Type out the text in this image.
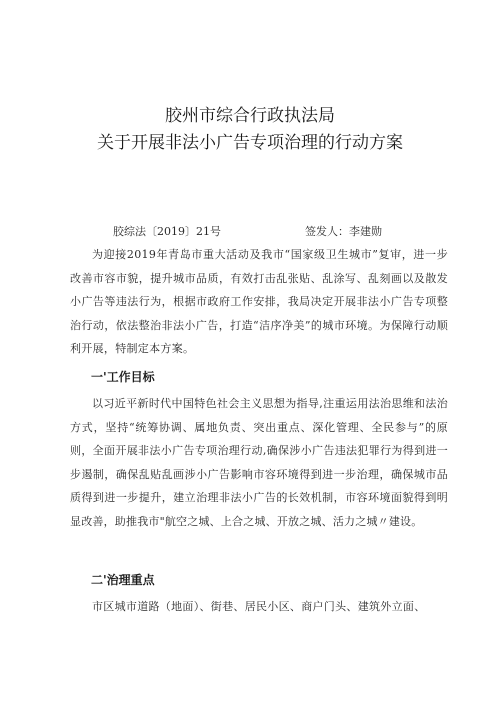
胶州市综合行政执法局
关于开展非法小广告专项治理的行动方案
胶综法〔2019〕21号	签发人：李建勋
为迎接2019年青岛市重大活动及我市“国家级卫生城市”复审，进一步改善市容市貌，提升城市品质，有效打击乱张贴、乱涂写、乱刻画以及散发小广告等违法行为，根据市政府工作安排，我局决定开展非法小广告专项整治行动，依法整治非法小广告，打造“洁序净美”的城市环境。为保障行动顺利开展，特制定本方案。
一'工作目标
以习近平新时代中国特色社会主义思想为指导,注重运用法治思维和法治方式，坚持“统筹协调、属地负责、突出重点、深化管理、全民参与”的原则，全面开展非法小广告专项治理行动,确保涉小广告违法犯罪行为得到进一步遏制，确保乱贴乱画涉小广告影响市容环境得到进一步治理，确保城市品质得到进一步提升，建立治理非法小广告的长效机制，市容环境面貌得到明显改善，助推我市"航空之城、上合之城、开放之城、活力之城〃建设。
二'治理重点
市区城市道路（地面）、街巷、居民小区、商户门头、建筑外立面、
